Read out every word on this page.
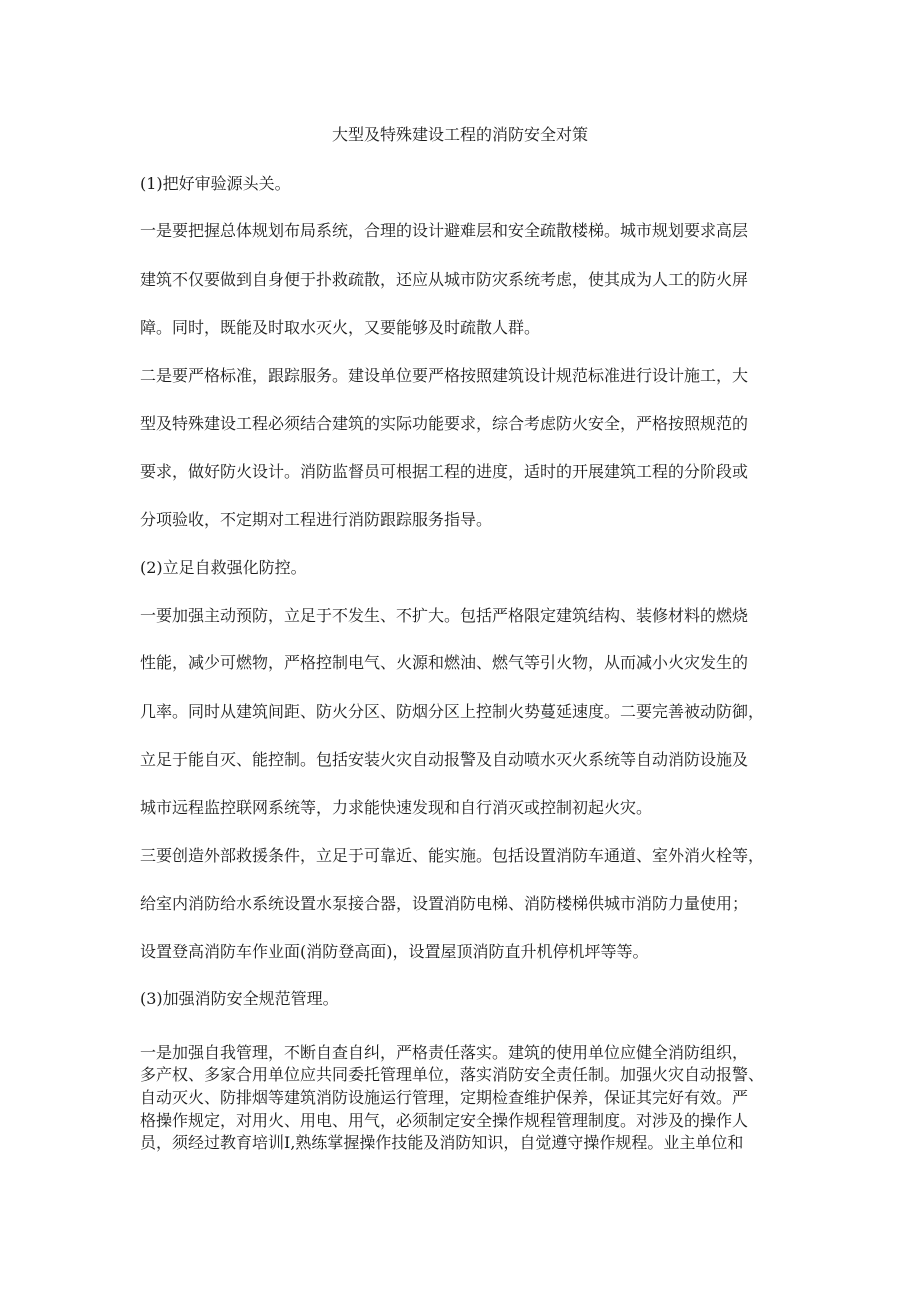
大型及特殊建设工程的消防安全对策

(1)把好审验源头关。

一是要把握总体规划布局系统，合理的设计避难层和安全疏散楼梯。城市规划要求高层

建筑不仅要做到自身便于扑救疏散，还应从城市防灾系统考虑，使其成为人工的防火屏

障。同时，既能及时取水灭火，又要能够及时疏散人群。

二是要严格标准，跟踪服务。建设单位要严格按照建筑设计规范标准进行设计施工，大

型及特殊建设工程必须结合建筑的实际功能要求，综合考虑防火安全，严格按照规范的

要求，做好防火设计。消防监督员可根据工程的进度，适时的开展建筑工程的分阶段或

分项验收，不定期对工程进行消防跟踪服务指导。

(2)立足自救强化防控。

一要加强主动预防，立足于不发生、不扩大。包括严格限定建筑结构、装修材料的燃烧

性能，减少可燃物，严格控制电气、火源和燃油、燃气等引火物，从而减小火灾发生的

几率。同时从建筑间距、防火分区、防烟分区上控制火势蔓延速度。二要完善被动防御，

立足于能自灭、能控制。包括安装火灾自动报警及自动喷水灭火系统等自动消防设施及

城市远程监控联网系统等，力求能快速发现和自行消灭或控制初起火灾。

三要创造外部救援条件，立足于可靠近、能实施。包括设置消防车通道、室外消火栓等，

给室内消防给水系统设置水泵接合器，设置消防电梯、消防楼梯供城市消防力量使用；

设置登高消防车作业面(消防登高面)，设置屋顶消防直升机停机坪等等。

(3)加强消防安全规范管理。

一是加强自我管理，不断自查自纠，严格责任落实。建筑的使用单位应健全消防组织，

多产权、多家合用单位应共同委托管理单位，落实消防安全责任制。加强火灾自动报警、

自动灭火、防排烟等建筑消防设施运行管理，定期检查维护保养，保证其完好有效。严

格操作规定，对用火、用电、用气，必须制定安全操作规程管理制度。对涉及的操作人

员，须经过教育培训Ⅰ,熟练掌握操作技能及消防知识，自觉遵守操作规程。业主单位和
